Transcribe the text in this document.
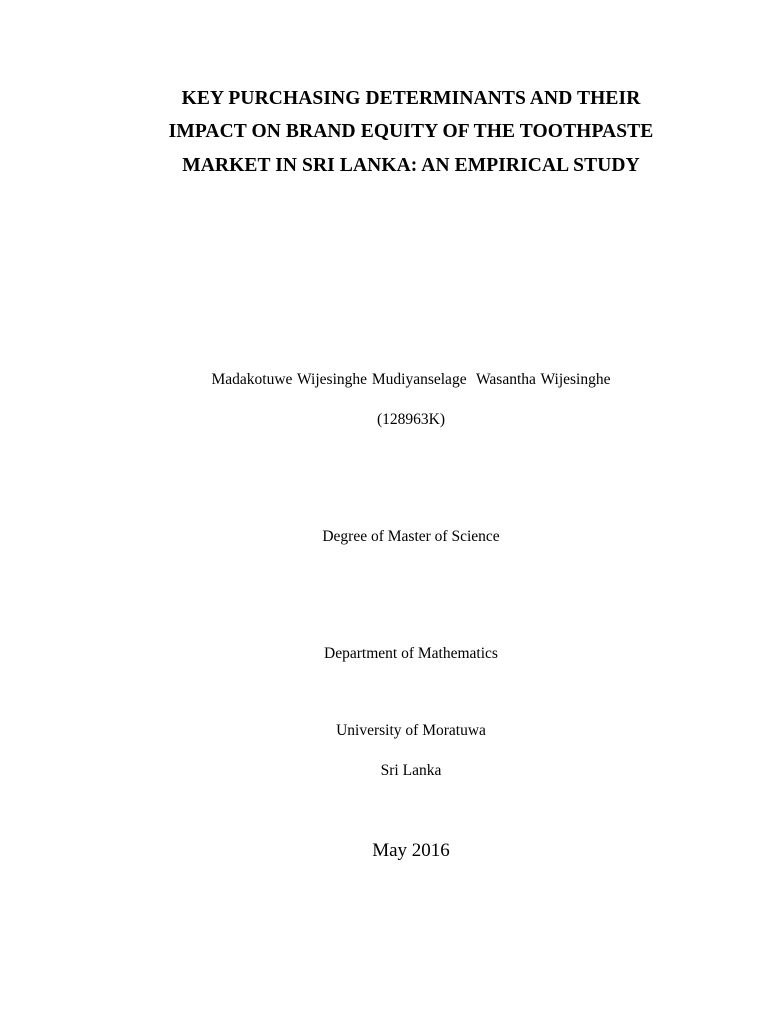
KEY PURCHASING DETERMINANTS AND THEIR
IMPACT ON BRAND EQUITY OF THE TOOTHPASTE
MARKET IN SRI LANKA: AN EMPIRICAL STUDY
Madakotuwe Wijesinghe Mudiyanselage  Wasantha Wijesinghe
(128963K)
Degree of Master of Science
Department of Mathematics
University of Moratuwa
Sri Lanka
May 2016
